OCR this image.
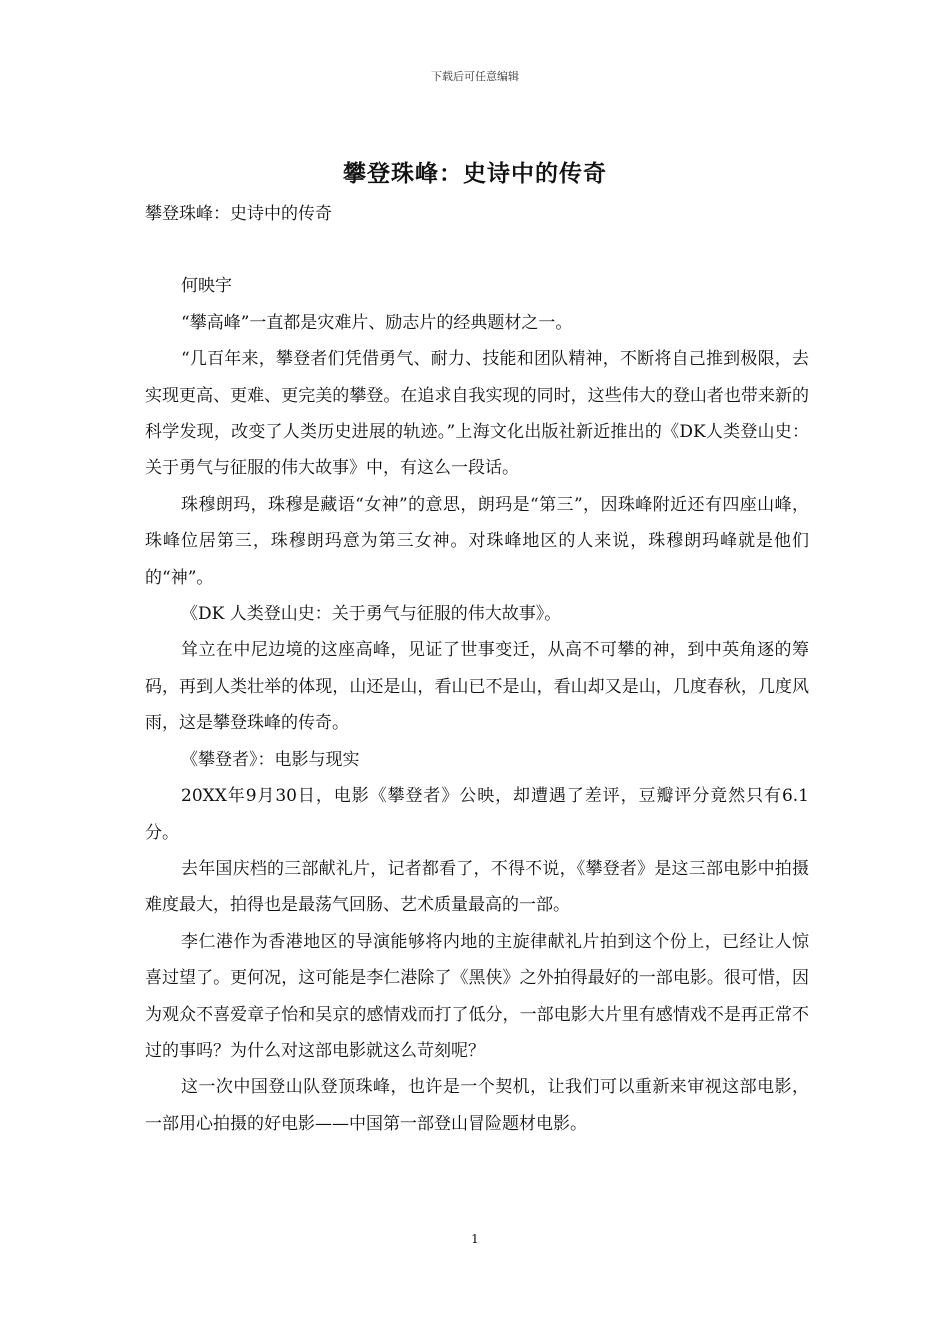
下载后可任意编辑
攀登珠峰：史诗中的传奇

攀登珠峰：史诗中的传奇

何映宇

“攀高峰”一直都是灾难片、励志片的经典题材之一。

“几百年来，攀登者们凭借勇气、耐力、技能和团队精神，不断将自己推到极限，去实现更高、更难、更完美的攀登。在追求自我实现的同时，这些伟大的登山者也带来新的科学发现，改变了人类历史进展的轨迹。”上海文化出版社新近推出的《DK人类登山史：关于勇气与征服的伟大故事》中，有这么一段话。

珠穆朗玛，珠穆是藏语“女神”的意思，朗玛是“第三”，因珠峰附近还有四座山峰，珠峰位居第三，珠穆朗玛意为第三女神。对珠峰地区的人来说，珠穆朗玛峰就是他们的“神”。

《DK 人类登山史：关于勇气与征服的伟大故事》。

耸立在中尼边境的这座高峰，见证了世事变迁，从高不可攀的神，到中英角逐的筹码，再到人类壮举的体现，山还是山，看山已不是山，看山却又是山，几度春秋，几度风雨，这是攀登珠峰的传奇。

《攀登者》：电影与现实

20XX年9月30日，电影《攀登者》公映，却遭遇了差评，豆瓣评分竟然只有6.1分。

去年国庆档的三部献礼片，记者都看了，不得不说，《攀登者》是这三部电影中拍摄难度最大，拍得也是最荡气回肠、艺术质量最高的一部。

李仁港作为香港地区的导演能够将内地的主旋律献礼片拍到这个份上，已经让人惊喜过望了。更何况，这可能是李仁港除了《黑侠》之外拍得最好的一部电影。很可惜，因为观众不喜爱章子怡和吴京的感情戏而打了低分，一部电影大片里有感情戏不是再正常不过的事吗？为什么对这部电影就这么苛刻呢？

这一次中国登山队登顶珠峰，也许是一个契机，让我们可以重新来审视这部电影，一部用心拍摄的好电影——中国第一部登山冒险题材电影。

1
